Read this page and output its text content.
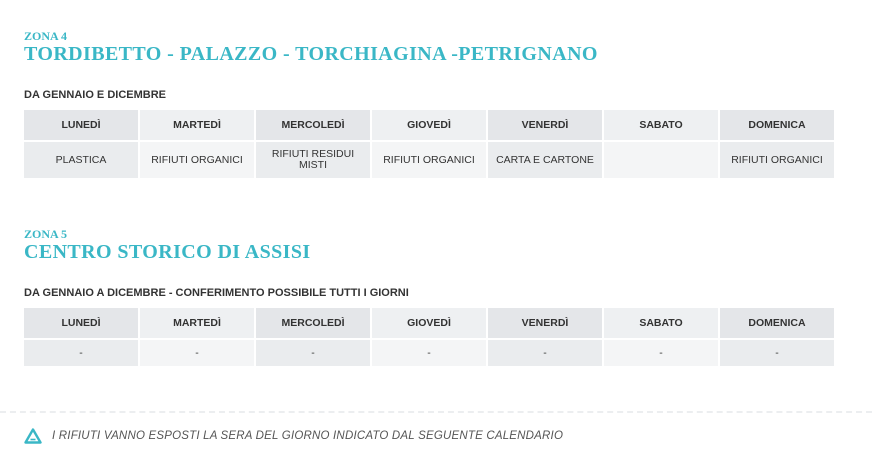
ZONA 4
TORDIBETTO - PALAZZO - TORCHIAGINA -PETRIGNANO
DA GENNAIO E DICEMBRE
LUNEDÌ	MARTEDÌ	MERCOLEDÌ	GIOVEDÌ	VENERDÌ	SABATO	DOMENICA
PLASTICA	RIFIUTI ORGANICI	RIFIUTI RESIDUI MISTI	RIFIUTI ORGANICI	CARTA E CARTONE		RIFIUTI ORGANICI
ZONA 5
CENTRO STORICO DI ASSISI
DA GENNAIO A DICEMBRE - CONFERIMENTO POSSIBILE TUTTI I GIORNI
LUNEDÌ	MARTEDÌ	MERCOLEDÌ	GIOVEDÌ	VENERDÌ	SABATO	DOMENICA
-	-	-	-	-	-	-
I RIFIUTI VANNO ESPOSTI LA SERA DEL GIORNO INDICATO DAL SEGUENTE CALENDARIO
